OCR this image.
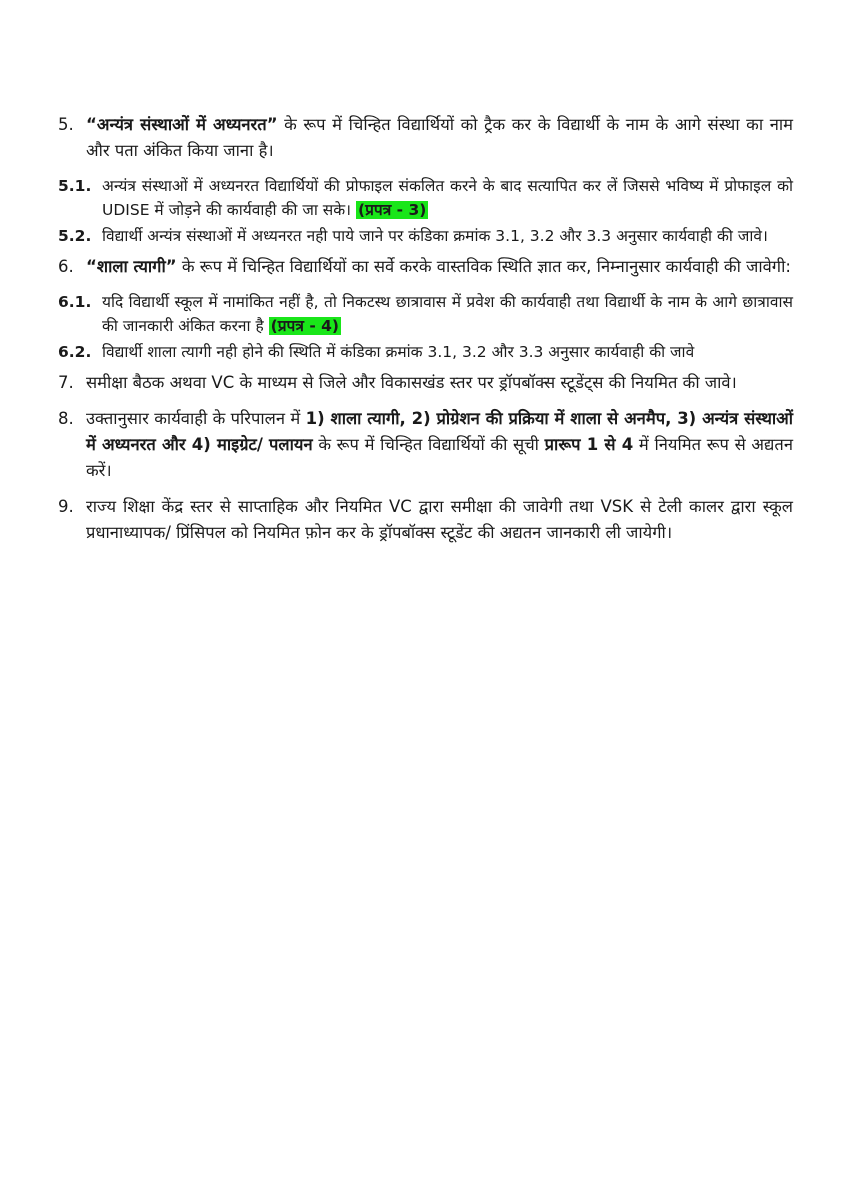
5. “अन्यंत्र संस्थाओं में अध्यनरत” के रूप में चिन्हित विद्यार्थियों को ट्रैक कर के विद्यार्थी के नाम के आगे संस्था का नाम और पता अंकित किया जाना है।
5.1. अन्यंत्र संस्थाओं में अध्यनरत विद्यार्थियों की प्रोफाइल संकलित करने के बाद सत्यापित कर लें जिससे भविष्य में प्रोफाइल को UDISE में जोड़ने की कार्यवाही की जा सके। (प्रपत्र - 3)
5.2. विद्यार्थी अन्यंत्र संस्थाओं में अध्यनरत नही पाये जाने पर कंडिका क्रमांक 3.1, 3.2 और 3.3 अनुसार कार्यवाही की जावे।
6. “शाला त्यागी” के रूप में चिन्हित विद्यार्थियों का सर्वे करके वास्तविक स्थिति ज्ञात कर, निम्नानुसार कार्यवाही की जावेगी:
6.1. यदि विद्यार्थी स्कूल में नामांकित नहीं है, तो निकटस्थ छात्रावास में प्रवेश की कार्यवाही तथा विद्यार्थी के नाम के आगे छात्रावास की जानकारी अंकित करना है (प्रपत्र - 4)
6.2. विद्यार्थी शाला त्यागी नही होने की स्थिति में कंडिका क्रमांक 3.1, 3.2 और 3.3 अनुसार कार्यवाही की जावे
7. समीक्षा बैठक अथवा VC के माध्यम से जिले और विकासखंड स्तर पर ड्रॉपबॉक्स स्टूडेंट्स की नियमित की जावे।
8. उक्तानुसार कार्यवाही के परिपालन में 1) शाला त्यागी, 2) प्रोग्रेशन की प्रक्रिया में शाला से अनमैप, 3) अन्यंत्र संस्थाओं में अध्यनरत और 4) माइग्रेट/ पलायन के रूप में चिन्हित विद्यार्थियों की सूची प्रारूप 1 से 4 में नियमित रूप से अद्यतन करें।
9. राज्य शिक्षा केंद्र स्तर से साप्ताहिक और नियमित VC द्वारा समीक्षा की जावेगी तथा VSK से टेली कालर द्वारा स्कूल प्रधानाध्यापक/ प्रिंसिपल को नियमित फ़ोन कर के ड्रॉपबॉक्स स्टूडेंट की अद्यतन जानकारी ली जायेगी।
